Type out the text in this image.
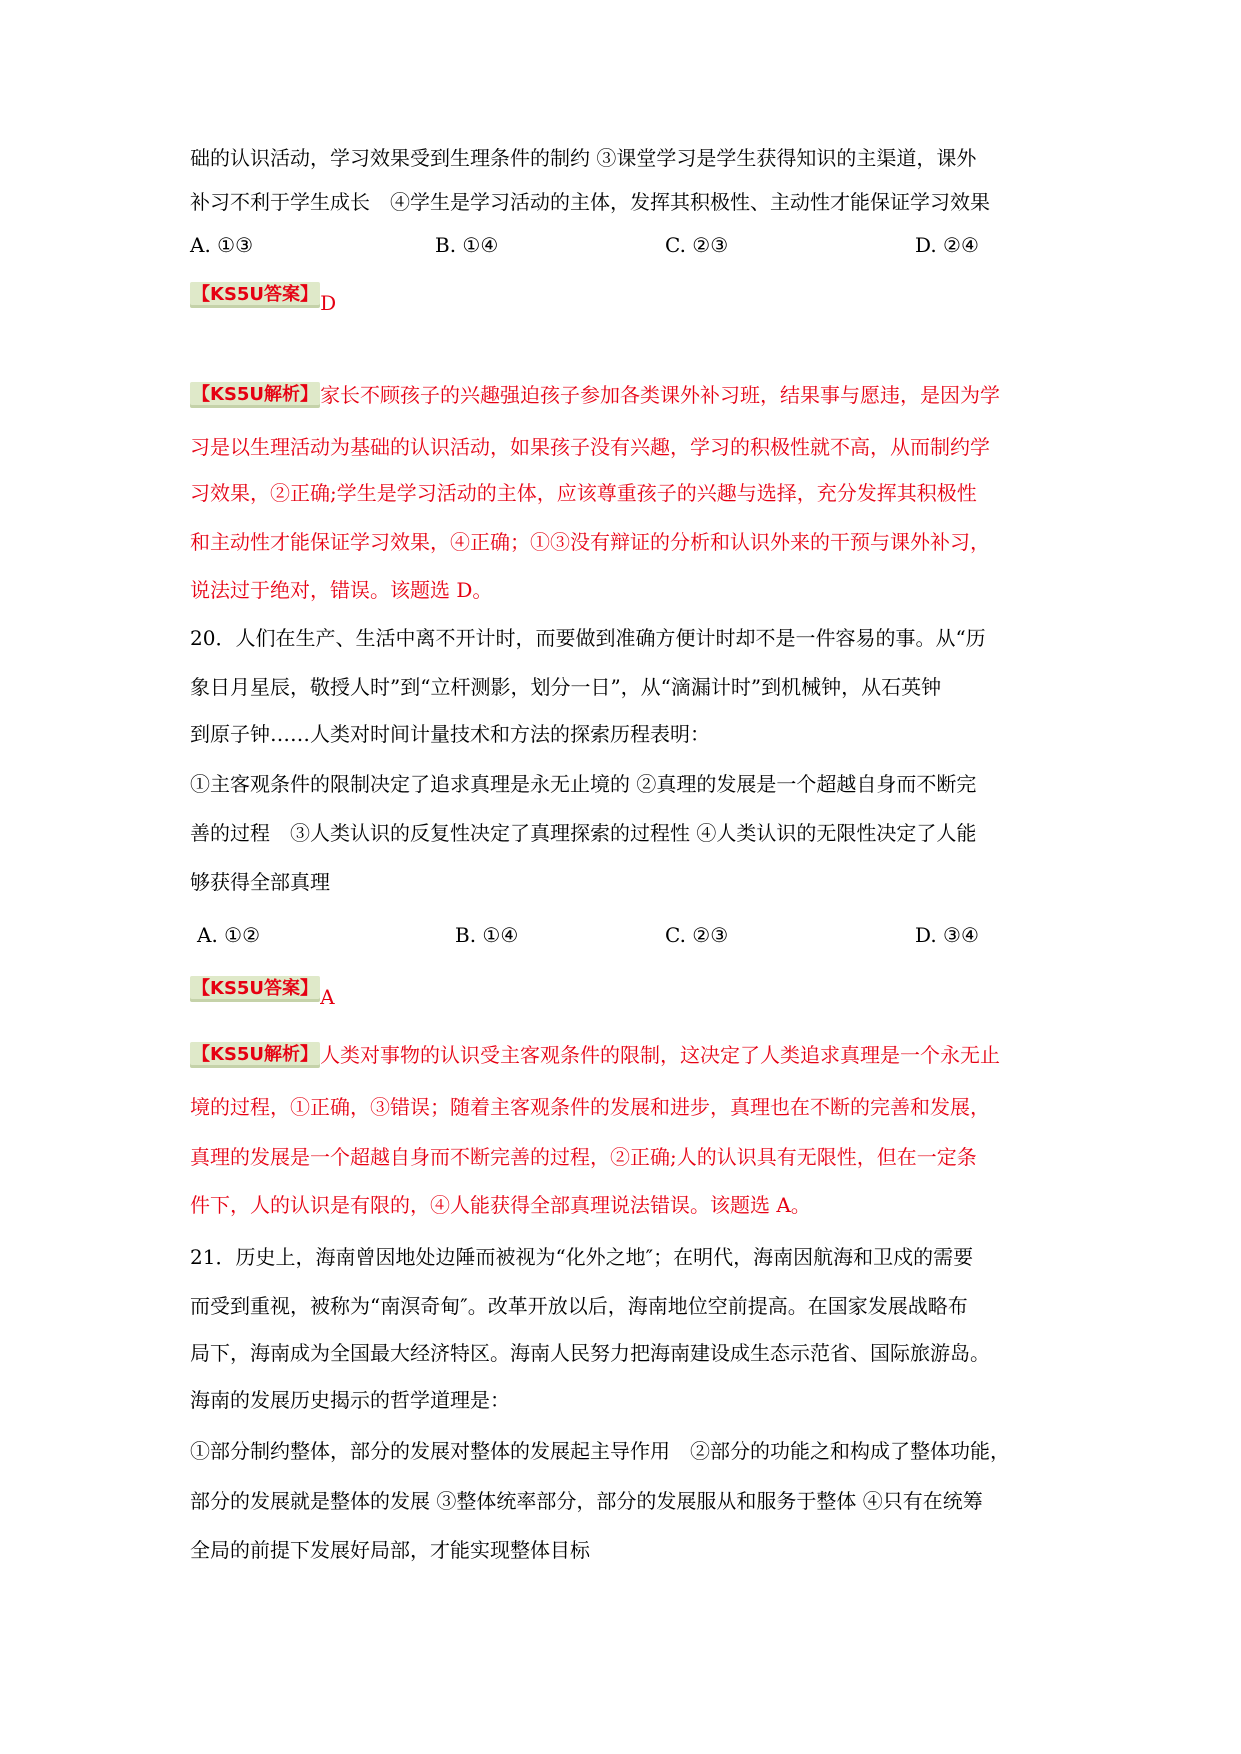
础的认识活动，学习效果受到生理条件的制约 ③课堂学习是学生获得知识的主渠道，课外
补习不利于学生成长　④学生是学习活动的主体，发挥其积极性、主动性才能保证学习效果
A. ①③	B. ①④	C. ②③	D. ②④
【KS5U答案】 D
【KS5U解析】 家长不顾孩子的兴趣强迫孩子参加各类课外补习班，结果事与愿违，是因为学
习是以生理活动为基础的认识活动，如果孩子没有兴趣，学习的积极性就不高，从而制约学
习效果，②正确;学生是学习活动的主体，应该尊重孩子的兴趣与选择，充分发挥其积极性
和主动性才能保证学习效果，④正确；①③没有辩证的分析和认识外来的干预与课外补习，
说法过于绝对，错误。该题选 D。
20．人们在生产、生活中离不开计时，而要做到准确方便计时却不是一件容易的事。从“历
象日月星辰，敬授人时”到“立杆测影，划分一日”，从“滴漏计时”到机械钟，从石英钟
到原子钟……人类对时间计量技术和方法的探索历程表明：
①主客观条件的限制决定了追求真理是永无止境的 ②真理的发展是一个超越自身而不断完
善的过程　③人类认识的反复性决定了真理探索的过程性 ④人类认识的无限性决定了人能
够获得全部真理
A. ①②	B. ①④	C. ②③	D. ③④
【KS5U答案】 A
【KS5U解析】 人类对事物的认识受主客观条件的限制，这决定了人类追求真理是一个永无止
境的过程，①正确，③错误；随着主客观条件的发展和进步，真理也在不断的完善和发展，
真理的发展是一个超越自身而不断完善的过程，②正确;人的认识具有无限性，但在一定条
件下，人的认识是有限的，④人能获得全部真理说法错误。该题选 A。
21．历史上，海南曾因地处边陲而被视为“化外之地″；在明代，海南因航海和卫戍的需要
而受到重视，被称为“南溟奇甸″。改革开放以后，海南地位空前提高。在国家发展战略布
局下，海南成为全国最大经济特区。海南人民努力把海南建设成生态示范省、国际旅游岛。
海南的发展历史揭示的哲学道理是：
①部分制约整体，部分的发展对整体的发展起主导作用　②部分的功能之和构成了整体功能，
部分的发展就是整体的发展 ③整体统率部分，部分的发展服从和服务于整体 ④只有在统筹
全局的前提下发展好局部，才能实现整体目标
